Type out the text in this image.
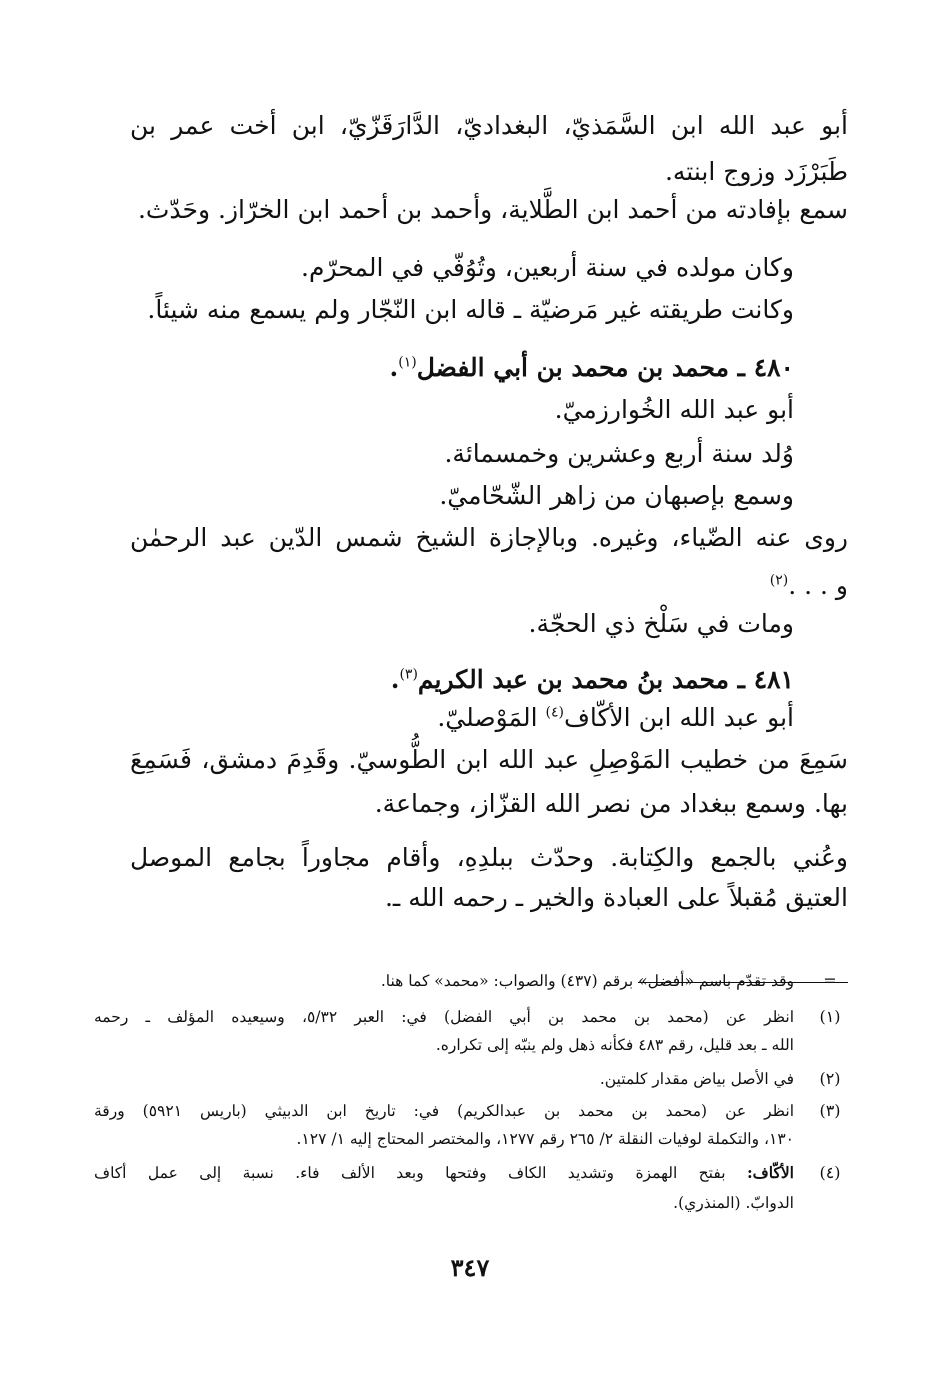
أبو عبد الله ابن السَّمَذيّ، البغداديّ، الدَّارَقَزّيّ، ابن أخت عمر بن
طَبَرْزَد وزوج ابنته.
سمع بإفادته من أحمد ابن الطَّلاية، وأحمد بن أحمد ابن الخرّاز. وحَدّث.
وكان مولده في سنة أربعين، وتُوُفّي في المحرّم.
وكانت طريقته غير مَرضيّة ـ قاله ابن النّجّار ولم يسمع منه شيئاً.
٤٨٠ ـ محمد بن محمد بن أبي الفضل$^{(١)}$.
أبو عبد الله الخُوارزميّ.
وُلد سنة أربع وعشرين وخمسمائة.
وسمع بإصبهان من زاهر الشّحّاميّ.
روى عنه الضّياء، وغيره. وبالإجازة الشيخ شمس الدّين عبد الرحمٰن
و . . .$^{(٢)}$
ومات في سَلْخ ذي الحجّة.
٤٨١ ـ محمد بنُ محمد بن عبد الكريم$^{(٣)}$.
أبو عبد الله ابن الأكّاف$^{(٤)}$ المَوْصليّ.
سَمِعَ من خطيب المَوْصِلِ عبد الله ابن الطُّوسيّ. وقَدِمَ دمشق، فَسَمِعَ
بها. وسمع ببغداد من نصر الله القزّاز، وجماعة.
وعُني بالجمع والكِتابة. وحدّث ببلدِهِ، وأقام مجاوراً بجامع الموصل
العتيق مُقبلاً على العبادة والخير ـ رحمه الله ـ.
=
وقد تقدّم باسم «أفضل» برقم (٤٣٧) والصواب: «محمد» كما هنا.
(١)
انظر عن (محمد بن محمد بن أبي الفضل) في: العبر ٥/٣٢، وسيعيده المؤلف ـ رحمه
الله ـ بعد قليل، رقم ٤٨٣ فكأنه ذهل ولم ينبّه إلى تكراره.
(٢)
في الأصل بياض مقدار كلمتين.
(٣)
انظر عن (محمد بن محمد بن عبدالكريم) في: تاريخ ابن الدبيثي (باريس ٥٩٢١) ورقة
١٣٠، والتكملة لوفيات النقلة ٢/ ٢٦٥ رقم ١٢٧٧، والمختصر المحتاج إليه ١/ ١٢٧.
(٤)
الأكّاف: بفتح الهمزة وتشديد الكاف وفتحها وبعد الألف فاء. نسبة إلى عمل أكاف
الدوابّ. (المنذري).
٣٤٧
